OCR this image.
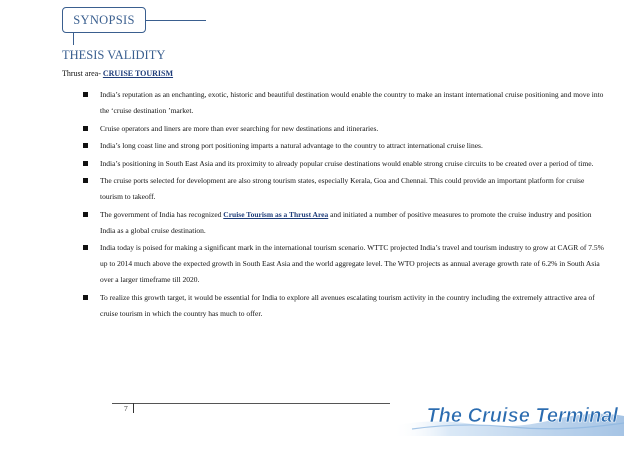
SYNOPSIS
THESIS VALIDITY
Thrust area- CRUISE TOURISM
India’s reputation as an enchanting, exotic, historic and beautiful destination would enable the country to make an instant international cruise positioning and move into the ‘cruise destination ’market.
Cruise operators and liners are more than ever searching for new destinations and itineraries.
India’s long coast line and strong port positioning imparts a natural advantage to the country to attract international cruise lines.
India’s positioning in South East Asia and its proximity to already popular cruise destinations would enable strong cruise circuits to be created over a period of time.
The cruise ports selected for development are also strong tourism states, especially Kerala, Goa and Chennai. This could provide an important platform for cruise tourism to takeoff.
The government of India has recognized Cruise Tourism as a Thrust Area and initiated a number of positive measures to promote the cruise industry and position India as a global cruise destination.
India today is poised for making a significant mark in the international tourism scenario. WTTC projected India’s travel and tourism industry to grow at CAGR of 7.5% up to 2014 much above the expected growth in South East Asia and the world aggregate level. The WTO projects as annual average growth rate of 6.2% in South Asia over a larger timeframe till 2020.
To realize this growth target, it would be essential for India to explore all avenues escalating tourism activity in the country including the extremely attractive area of cruise tourism in which the country has much to offer.
7	The Cruise Terminal
